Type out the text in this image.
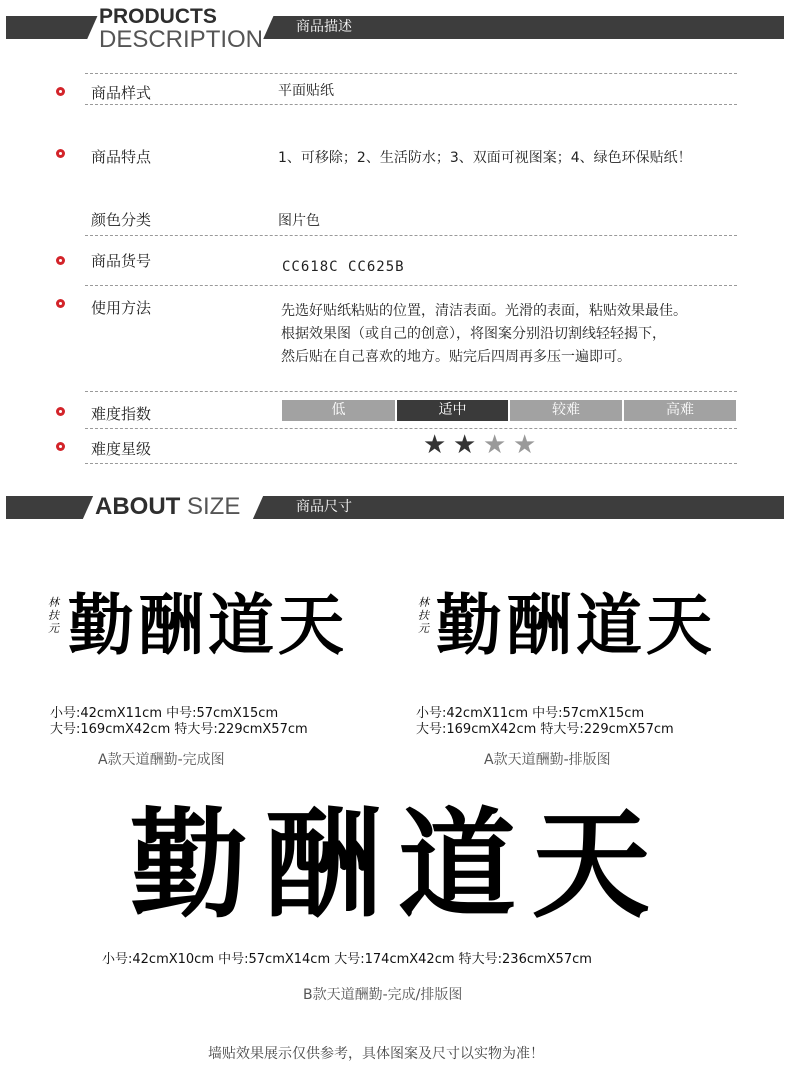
PRODUCTS
DESCRIPTION 商品描述
商品样式	平面贴纸
商品特点	1、可移除；2、生活防水；3、双面可视图案；4、绿色环保贴纸！
颜色分类	图片色
商品货号	CC618C CC625B
使用方法	先选好贴纸粘贴的位置，清洁表面。光滑的表面，粘贴效果最佳。
根据效果图（或自己的创意），将图案分别沿切割线轻轻揭下，
然后贴在自己喜欢的地方。贴完后四周再多压一遍即可。
难度指数	低	适中	较难	高难
难度星级	★ ★ ★ ★
ABOUT SIZE	商品尺寸
林扶元 勤酬道天
小号:42cmX11cm 中号:57cmX15cm
大号:169cmX42cm 特大号:229cmX57cm
A款天道酬勤-完成图
林扶元 勤酬道天
小号:42cmX11cm 中号:57cmX15cm
大号:169cmX42cm 特大号:229cmX57cm
A款天道酬勤-排版图
勤酬道天
小号:42cmX10cm 中号:57cmX14cm 大号:174cmX42cm 特大号:236cmX57cm
B款天道酬勤-完成/排版图
墙贴效果展示仅供参考，具体图案及尺寸以实物为准！
